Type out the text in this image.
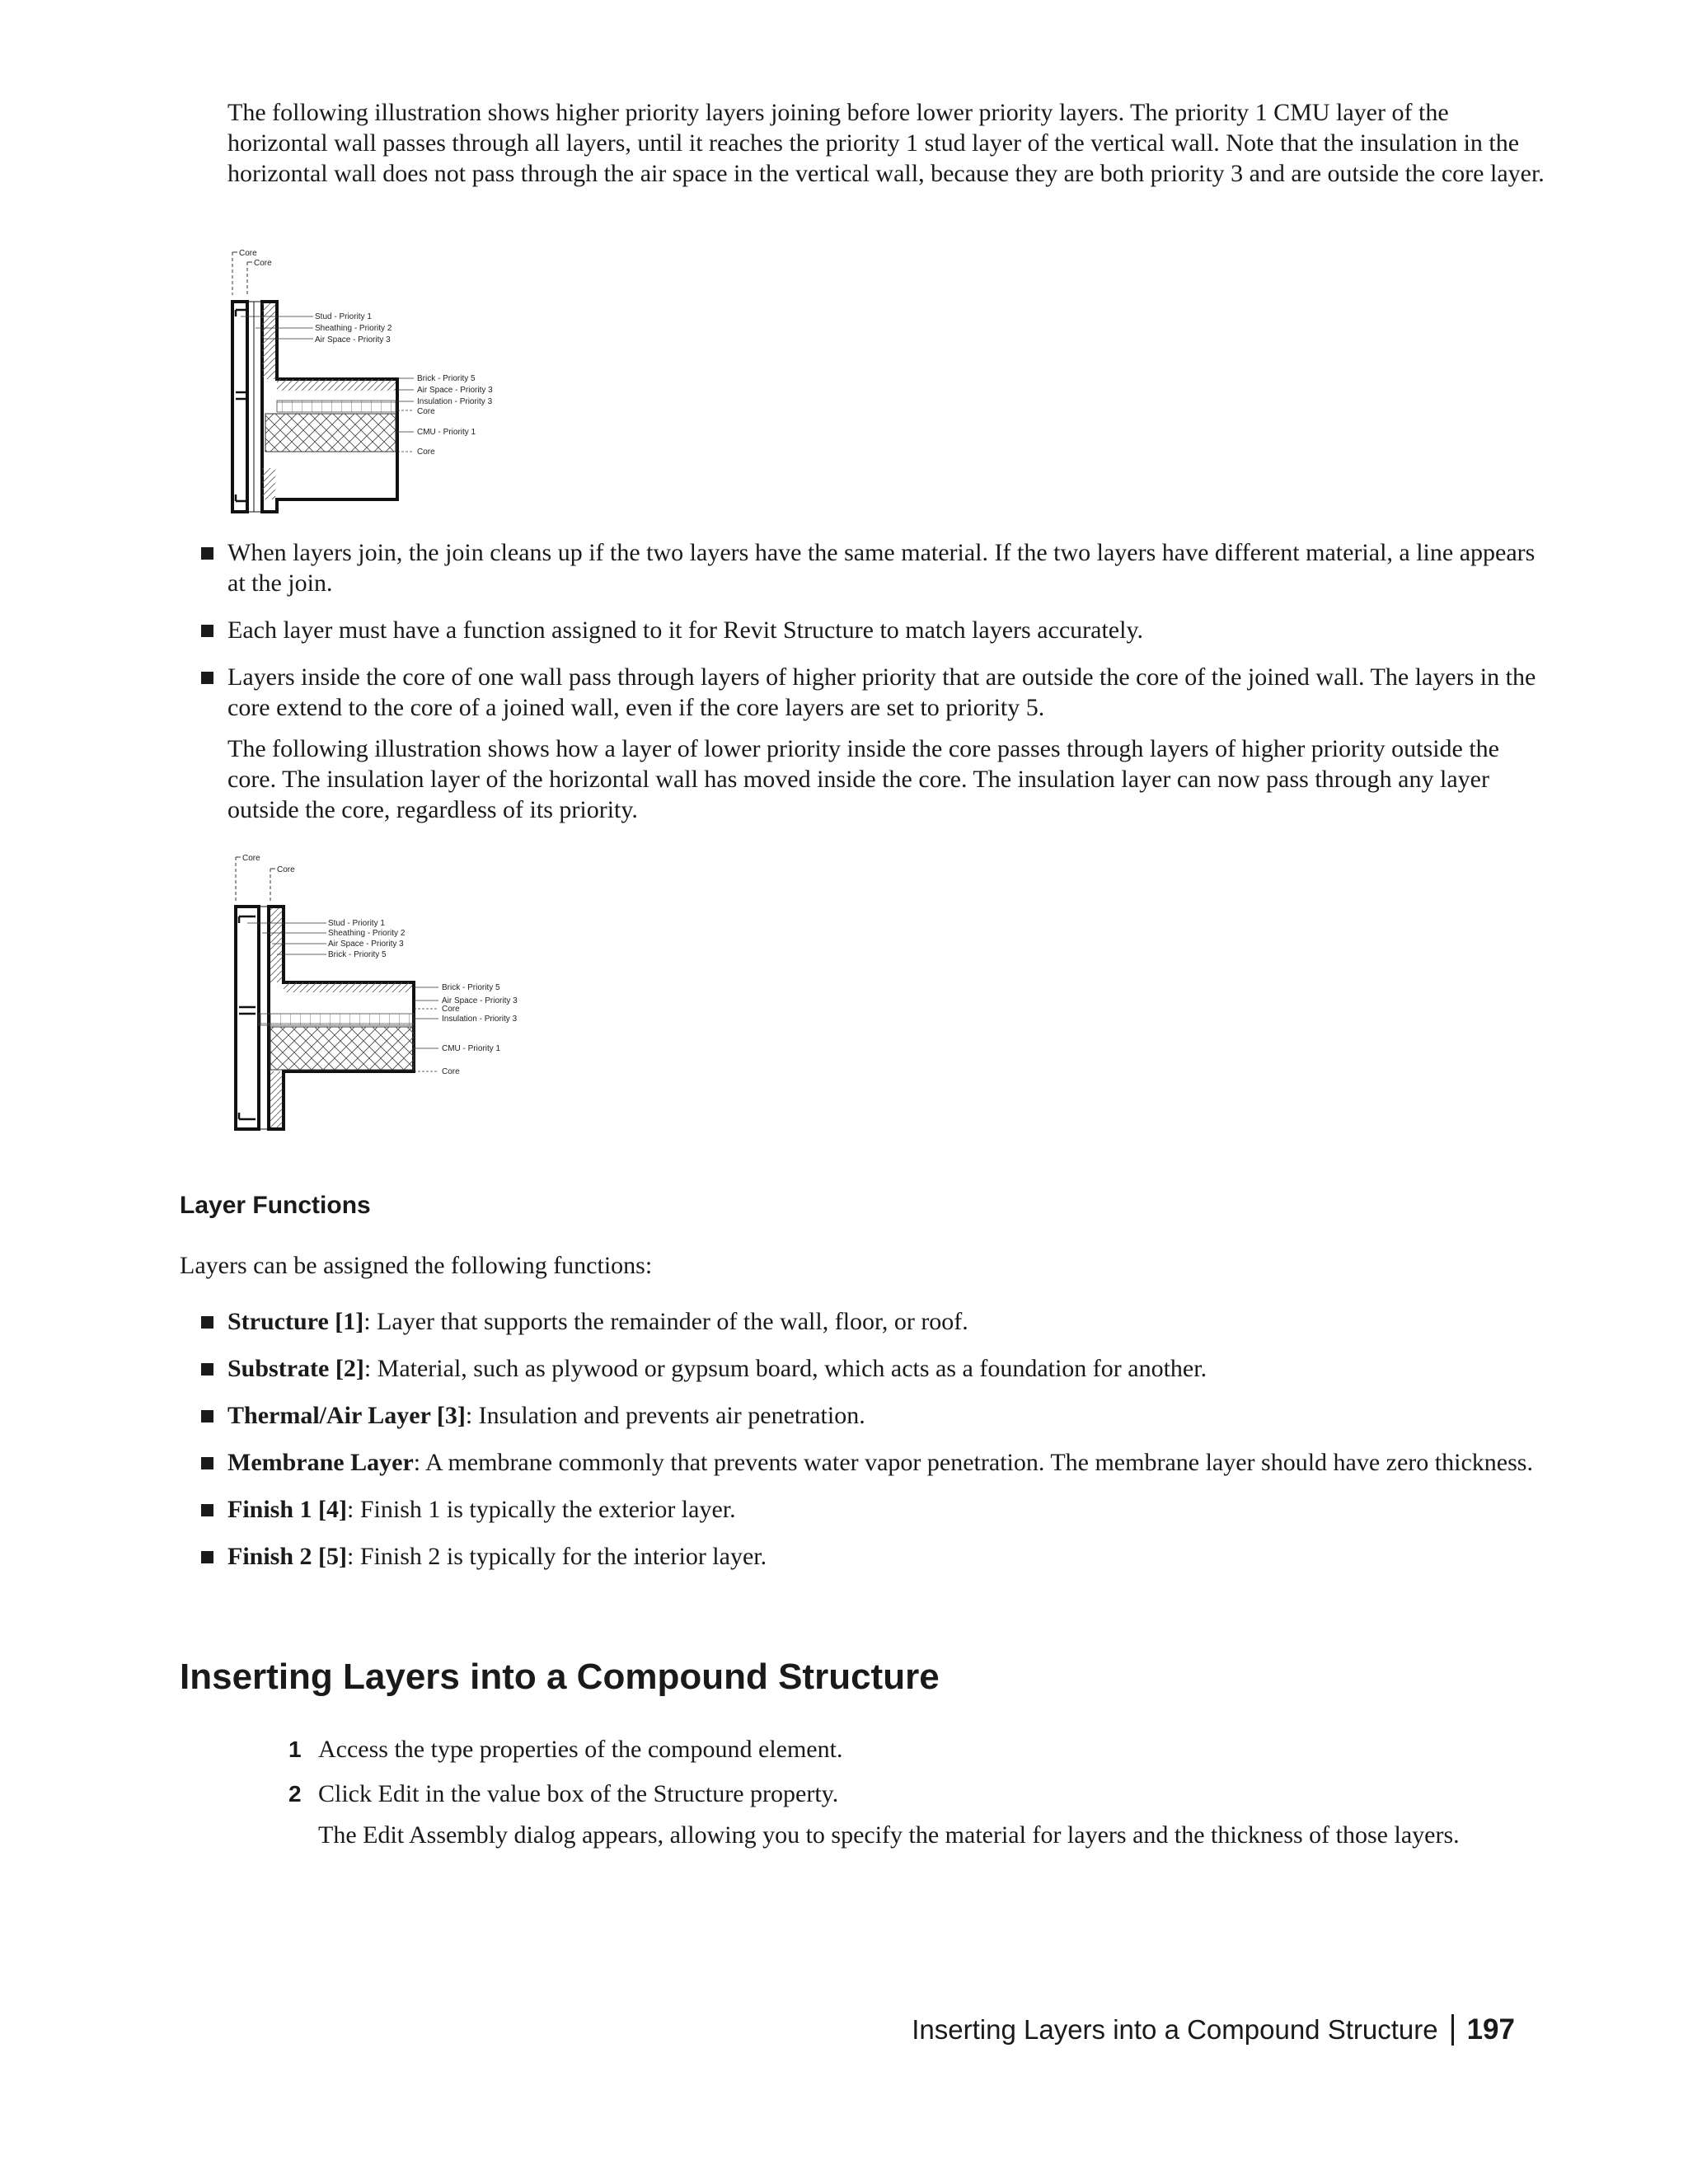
The following illustration shows higher priority layers joining before lower priority layers. The priority 1 CMU layer of the horizontal wall passes through all layers, until it reaches the priority 1 stud layer of the vertical wall. Note that the insulation in the horizontal wall does not pass through the air space in the vertical wall, because they are both priority 3 and are outside the core layer.

Core
Core
Stud - Priority 1
Sheathing - Priority 2
Air Space - Priority 3
Brick - Priority 5
Air Space - Priority 3
Insulation - Priority 3
Core
CMU - Priority 1
Core
When layers join, the join cleans up if the two layers have the same material. If the two layers have different material, a line appears at the join.
Each layer must have a function assigned to it for Revit Structure to match layers accurately.
Layers inside the core of one wall pass through layers of higher priority that are outside the core of the joined wall. The layers in the core extend to the core of a joined wall, even if the core layers are set to priority 5.

The following illustration shows how a layer of lower priority inside the core passes through layers of higher priority outside the core. The insulation layer of the horizontal wall has moved inside the core. The insulation layer can now pass through any layer outside the core, regardless of its priority.

Core
Core
Stud - Priority 1
Sheathing - Priority 2
Air Space - Priority 3
Brick - Priority 5
Brick - Priority 5
Air Space - Priority 3
Core
Insulation - Priority 3
CMU - Priority 1
Core
Layer Functions

Layers can be assigned the following functions:

Structure [1]: Layer that supports the remainder of the wall, floor, or roof.
Substrate [2]: Material, such as plywood or gypsum board, which acts as a foundation for another.
Thermal/Air Layer [3]: Insulation and prevents air penetration.
Membrane Layer: A membrane commonly that prevents water vapor penetration. The membrane layer should have zero thickness.
Finish 1 [4]: Finish 1 is typically the exterior layer.
Finish 2 [5]: Finish 2 is typically for the interior layer.
Inserting Layers into a Compound Structure
1 Access the type properties of the compound element.
2 Click Edit in the value box of the Structure property.
The Edit Assembly dialog appears, allowing you to specify the material for layers and the thickness of those layers.
Inserting Layers into a Compound Structure 197
